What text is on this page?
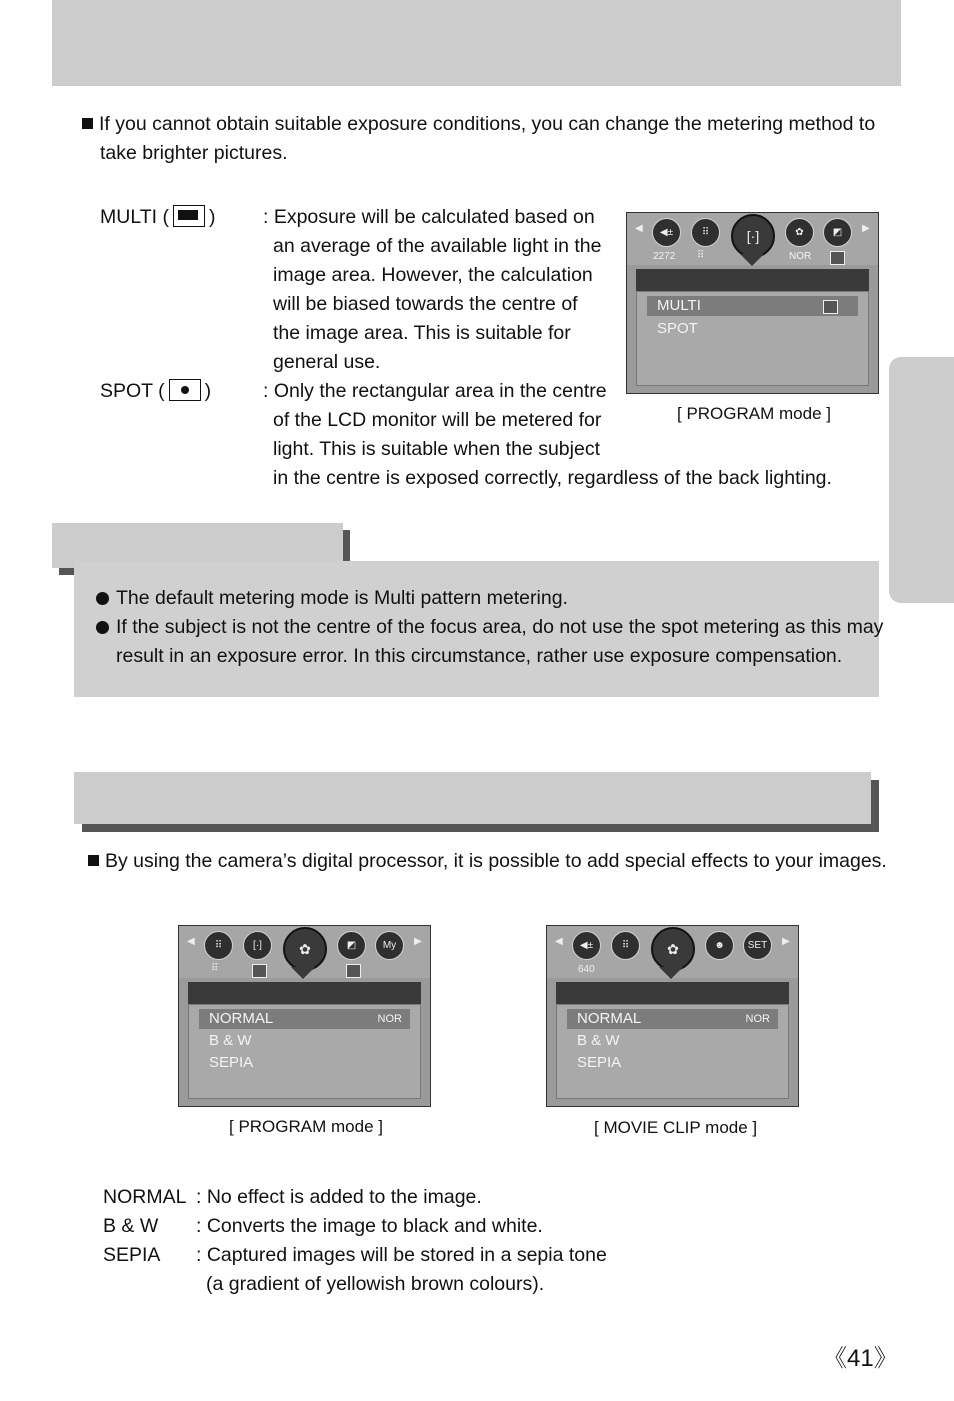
If you cannot obtain suitable exposure conditions, you can change the metering method to
take brighter pictures.
MULTI ( ) : Exposure will be calculated based on
an average of the available light in the
image area. However, the calculation
will be biased towards the centre of
the image area. This is suitable for
general use.
SPOT ( )	: Only the rectangular area in the centre
of the LCD monitor will be metered for
light. This is suitable when the subject
in the centre is exposed correctly, regardless of the back lighting.
◀	◀±	⠿	[·]	✿	◩	▶
2272 ⠿	NOR
MULTI
SPOT
[ PROGRAM mode ]
The default metering mode is Multi pattern metering.
If the subject is not the centre of the focus area, do not use the spot metering as this may
result in an exposure error. In this circumstance, rather use exposure compensation.
By using the camera’s digital processor, it is possible to add special effects to your images.
◀	⠿	[·]	✿	◩	My	▶
⠿
NORMAL	NOR
B & W
SEPIA
[ PROGRAM mode ]
◀	◀±	⠿	✿	☻	SET	▶
640
NORMAL	NOR
B & W
SEPIA
[ MOVIE CLIP mode ]
NORMAL : No effect is added to the image.
B & W : Converts the image to black and white.
SEPIA : Captured images will be stored in a sepia tone
(a gradient of yellowish brown colours).
《41》
